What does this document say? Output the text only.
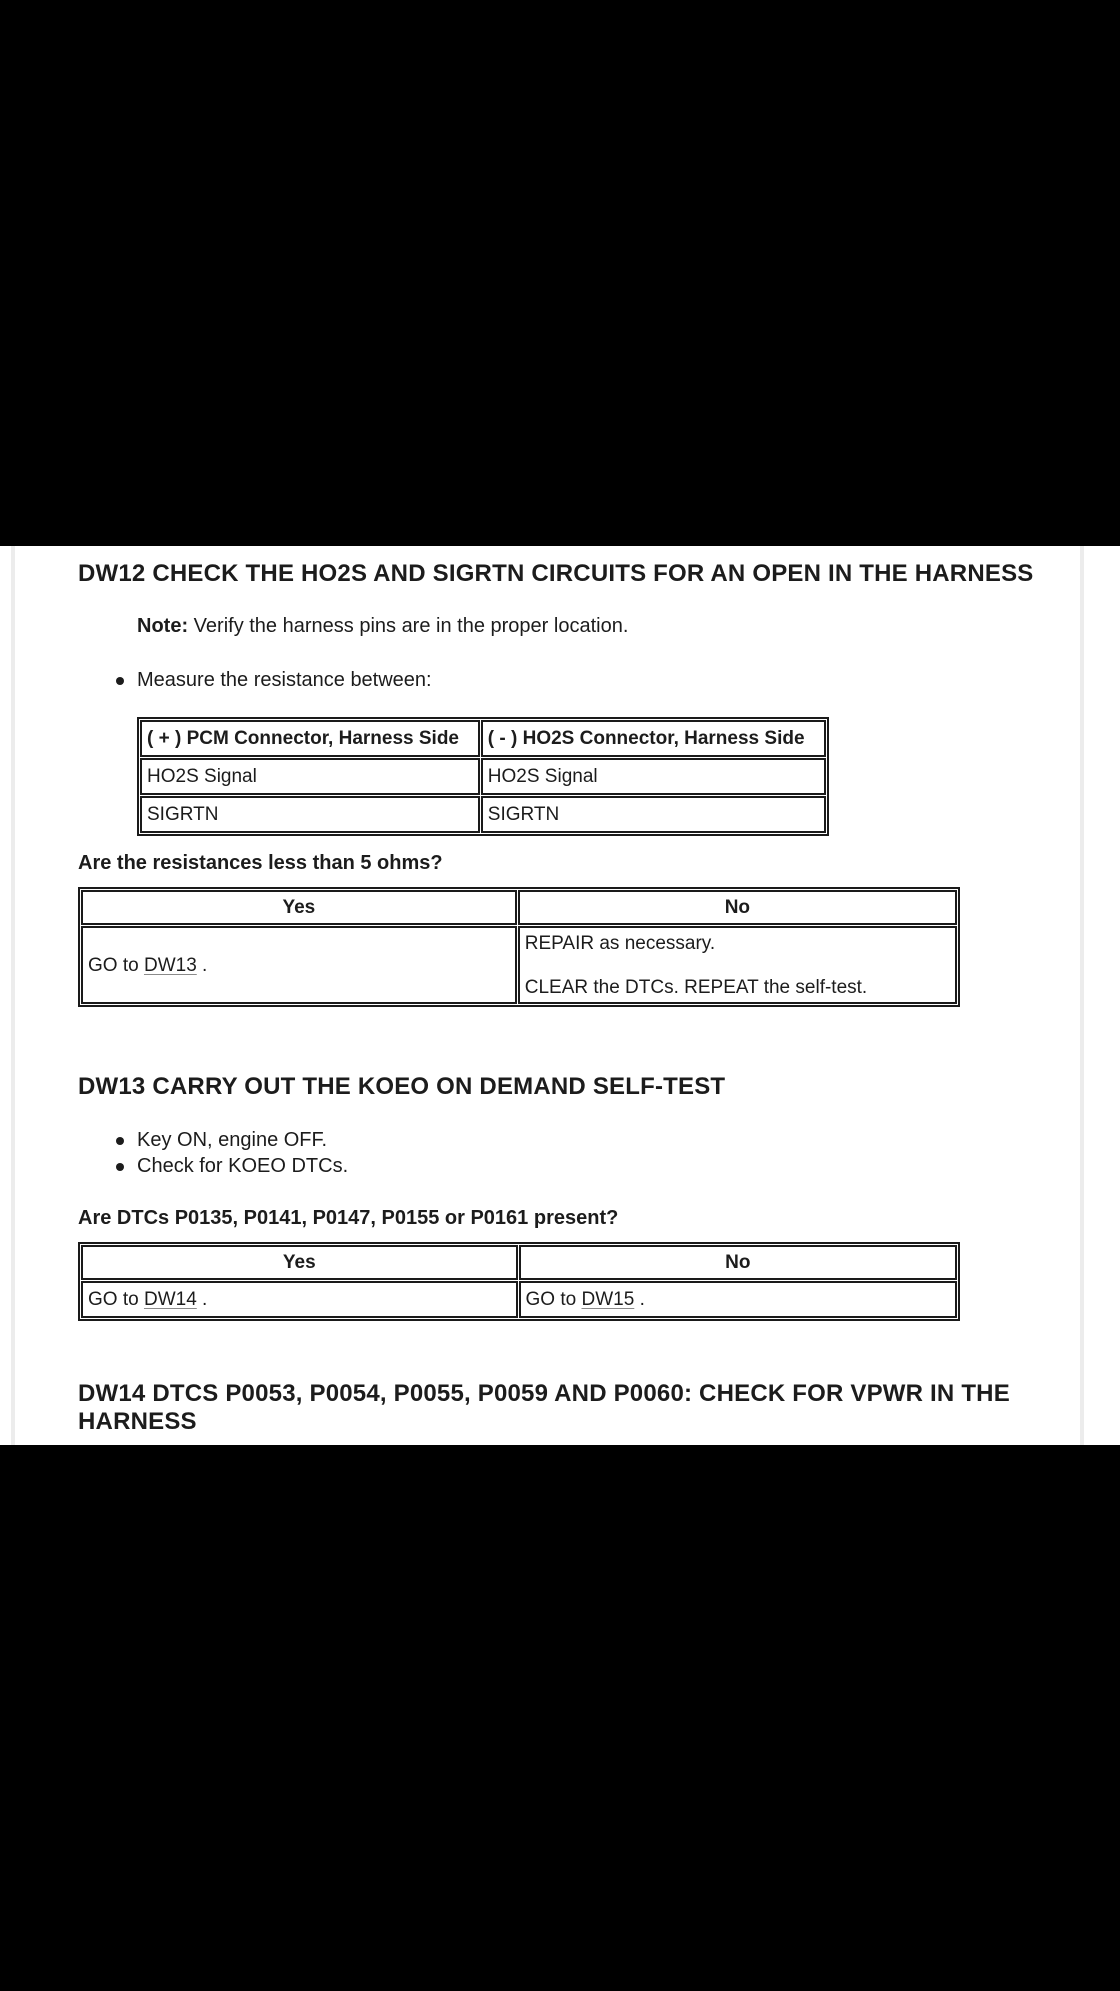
DW12 CHECK THE HO2S AND SIGRTN CIRCUITS FOR AN OPEN IN THE HARNESS
Note: Verify the harness pins are in the proper location.
Measure the resistance between:
( + ) PCM Connector, Harness Side	( - ) HO2S Connector, Harness Side
HO2S Signal	HO2S Signal
SIGRTN	SIGRTN
Are the resistances less than 5 ohms?
Yes	No
GO to DW13 .	REPAIR as necessary.
CLEAR the DTCs. REPEAT the self-test.
DW13 CARRY OUT THE KOEO ON DEMAND SELF-TEST
Key ON, engine OFF.
Check for KOEO DTCs.
Are DTCs P0135, P0141, P0147, P0155 or P0161 present?
Yes	No
GO to DW14 .	GO to DW15 .
DW14 DTCS P0053, P0054, P0055, P0059 AND P0060: CHECK FOR VPWR IN THE HARNESS
